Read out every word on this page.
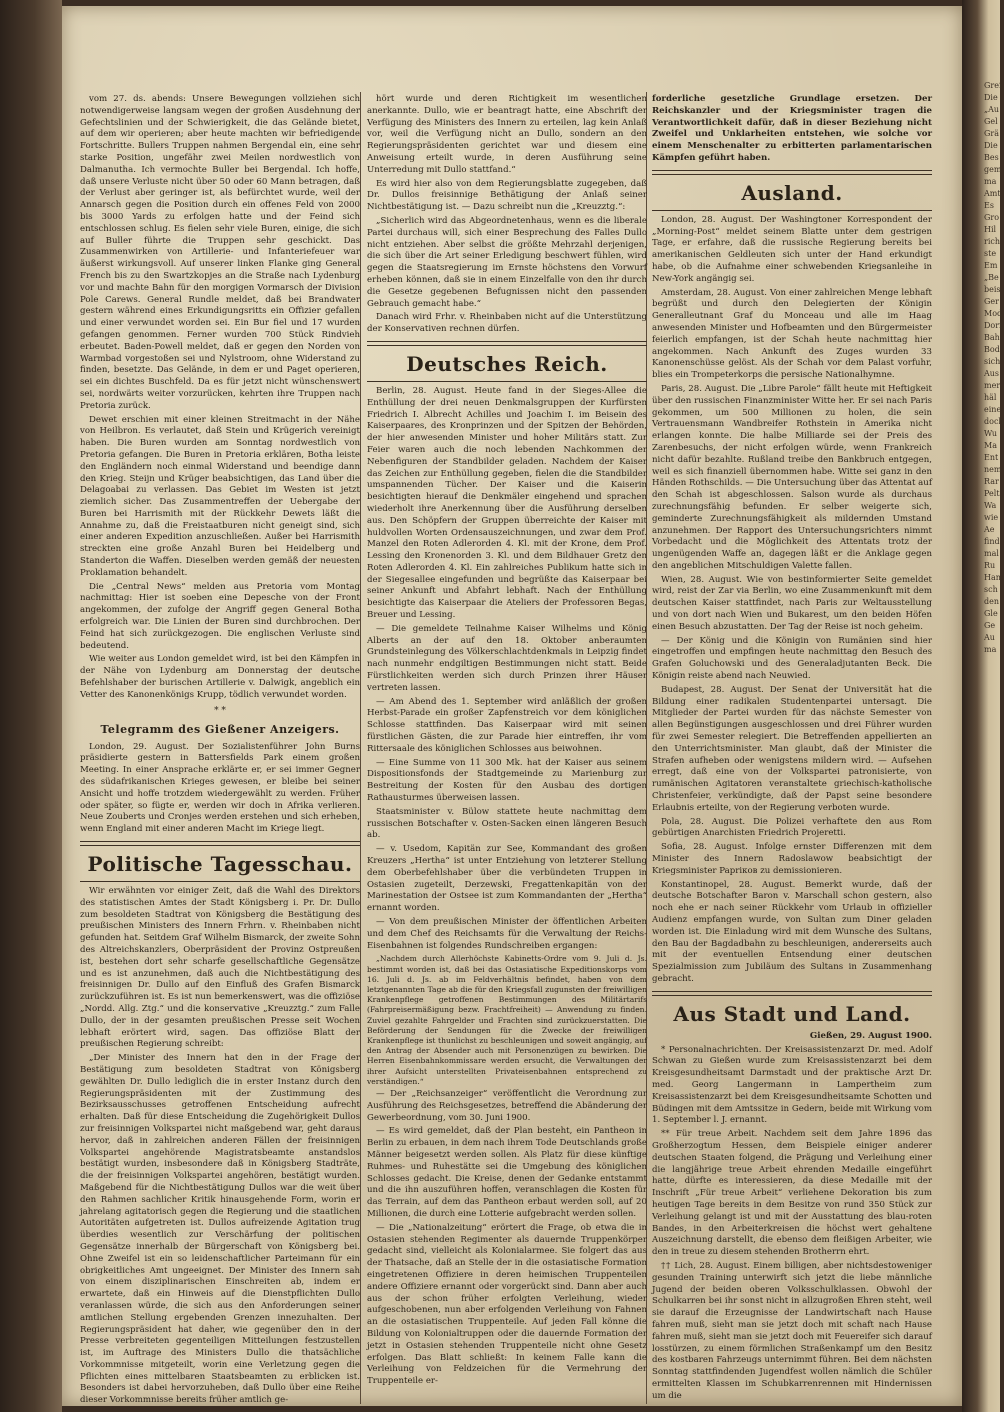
vom 27. ds. abends: Unsere Bewegungen vollziehen sich notwendigerweise langsam wegen der großen Ausdehnung der Gefechtslinien und der Schwierigkeit, die das Gelände bietet, auf dem wir operieren; aber heute machten wir befriedigende Fortschritte. Bullers Truppen nahmen Bergendal ein, eine sehr starke Position, ungefähr zwei Meilen nordwestlich von Dalmanutha. Ich vermochte Buller bei Bergendal. Ich hoffe, daß unsere Verluste nicht über 50 oder 60 Mann betragen, daß der Verlust aber geringer ist, als befürchtet wurde, weil der Annarsch gegen die Position durch ein offenes Feld von 2000 bis 3000 Yards zu erfolgen hatte und der Feind sich entschlossen schlug. Es fielen sehr viele Buren, einige, die sich auf Buller führte die Truppen sehr geschickt. Das Zusammenwirken von Artillerie- und Infanteriefeuer war äußerst wirkungsvoll. Auf unserer linken Flanke ging General French bis zu den Swartzkopjes an die Straße nach Lydenburg vor und machte Bahn für den morgigen Vormarsch der Division Pole Carews. General Rundle meldet, daß bei Brandwater gestern während eines Erkundigungsritts ein Offizier gefallen und einer verwundet worden sei. Ein Bur fiel und 17 wurden gefangen genommen. Ferner wurden 700 Stück Rindvieh erbeutet. Baden-Powell meldet, daß er gegen den Norden von Warmbad vorgestoßen sei und Nylstroom, ohne Widerstand zu finden, besetzte. Das Gelände, in dem er und Paget operieren, sei ein dichtes Buschfeld. Da es für jetzt nicht wünschenswert sei, nordwärts weiter vorzurücken, kehrten ihre Truppen nach Pretoria zurück.

Dewet erschien mit einer kleinen Streitmacht in der Nähe von Heilbron. Es verlautet, daß Stein und Krügerich vereinigt haben. Die Buren wurden am Sonntag nordwestlich von Pretoria gefangen. Die Buren in Pretoria erklären, Botha leiste den Engländern noch einmal Widerstand und beendige dann den Krieg. Steijn und Krüger beabsichtigen, das Land über die Delagoabai zu verlassen. Das Gebiet im Westen ist jetzt ziemlich sicher. Das Zusammentreffen der Uebergabe der Buren bei Harrismith mit der Rückkehr Dewets läßt die Annahme zu, daß die Freistaatburen nicht geneigt sind, sich einer anderen Expedition anzuschließen. Außer bei Harrismith streckten eine große Anzahl Buren bei Heidelberg und Standerton die Waffen. Dieselben werden gemäß der neuesten Proklamation behandelt.

Die „Central News“ melden aus Pretoria vom Montag nachmittag: Hier ist soeben eine Depesche von der Front angekommen, der zufolge der Angriff gegen General Botha erfolgreich war. Die Linien der Buren sind durchbrochen. Der Feind hat sich zurückgezogen. Die englischen Verluste sind bedeutend.

Wie weiter aus London gemeldet wird, ist bei den Kämpfen in der Nähe von Lydenburg am Donnerstag der deutsche Befehlshaber der burischen Artillerie v. Dalwigk, angeblich ein Vetter des Kanonenkönigs Krupp, tödlich verwundet worden.

* *
Telegramm des Gießener Anzeigers.

London, 29. August. Der Sozialistenführer John Burns präsidierte gestern in Battersfields Park einem großen Meeting. In einer Ansprache erklärte er, er sei immer Gegner des südafrikanischen Krieges gewesen, er bleibe bei seiner Ansicht und hoffe trotzdem wiedergewählt zu werden. Früher oder später, so fügte er, werden wir doch in Afrika verlieren. Neue Zouberts und Cronjes werden erstehen und sich erheben, wenn England mit einer anderen Macht im Kriege liegt.

Politische Tagesschau.

Wir erwähnten vor einiger Zeit, daß die Wahl des Direktors des statistischen Amtes der Stadt Königsberg i. Pr. Dr. Dullo zum besoldeten Stadtrat von Königsberg die Bestätigung des preußischen Ministers des Innern Frhrn. v. Rheinbaben nicht gefunden hat. Seitdem Graf Wilhelm Bismarck, der zweite Sohn des Altreichskanzlers, Oberpräsident der Provinz Ostpreußen ist, bestehen dort sehr scharfe gesellschaftliche Gegensätze und es ist anzunehmen, daß auch die Nichtbestätigung des freisinnigen Dr. Dullo auf den Einfluß des Grafen Bismarck zurückzuführen ist. Es ist nun bemerkenswert, was die offiziöse „Nordd. Allg. Ztg.“ und die konservative „Kreuzztg.“ zum Falle Dullo, der in der gesamten preußischen Presse seit Wochen lebhaft erörtert wird, sagen. Das offiziöse Blatt der preußischen Regierung schreibt:

„Der Minister des Innern hat den in der Frage der Bestätigung zum besoldeten Stadtrat von Königsberg gewählten Dr. Dullo lediglich die in erster Instanz durch den Regierungspräsidenten mit der Zustimmung des Bezirksausschusses getroffenen Entscheidung aufrecht erhalten. Daß für diese Entscheidung die Zugehörigkeit Dullos zur freisinnigen Volkspartei nicht maßgebend war, geht daraus hervor, daß in zahlreichen anderen Fällen der freisinnigen Volkspartei angehörende Magistratsbeamte anstandslos bestätigt wurden, insbesondere daß in Königsberg Stadträte, die der freisinnigen Volkspartei angehören, bestätigt wurden. Maßgebend für die Nichtbestätigung Dullos war die weit über den Rahmen sachlicher Kritik hinausgehende Form, worin er jahrelang agitatorisch gegen die Regierung und die staatlichen Autoritäten aufgetreten ist. Dullos aufreizende Agitation trug überdies wesentlich zur Verschärfung der politischen Gegensätze innerhalb der Bürgerschaft von Königsberg bei. Ohne Zweifel ist ein so leidenschaftlicher Parteimann für ein obrigkeitliches Amt ungeeignet. Der Minister des Innern sah von einem disziplinarischen Einschreiten ab, indem er erwartete, daß ein Hinweis auf die Dienstpflichten Dullo veranlassen würde, die sich aus den Anforderungen seiner amtlichen Stellung ergebenden Grenzen innezuhalten. Der Regierungspräsident hat daher, wie gegenüber den in der Presse verbreiteten gegenteiligen Mitteilungen festzustellen ist, im Auftrage des Ministers Dullo die thatsächliche Vorkommnisse mitgeteilt, worin eine Verletzung gegen die Pflichten eines mittelbaren Staatsbeamten zu erblicken ist. Besonders ist dabei hervorzuheben, daß Dullo über eine Reihe dieser Vorkommnisse bereits früher amtlich ge-

hört wurde und deren Richtigkeit im wesentlichen anerkannte. Dullo, wie er beantragt hatte, eine Abschrift der Verfügung des Ministers des Innern zu erteilen, lag kein Anlaß vor, weil die Verfügung nicht an Dullo, sondern an den Regierungspräsidenten gerichtet war und diesem eine Anweisung erteilt wurde, in deren Ausführung seine Unterredung mit Dullo stattfand.“

Es wird hier also von dem Regierungsblatte zugegeben, daß Dr. Dullos freisinnige Bethätigung der Anlaß seiner Nichtbestätigung ist. — Dazu schreibt nun die „Kreuzztg.“:

„Sicherlich wird das Abgeordnetenhaus, wenn es die liberale Partei durchaus will, sich einer Besprechung des Falles Dullo nicht entziehen. Aber selbst die größte Mehrzahl derjenigen, die sich über die Art seiner Erledigung beschwert fühlen, wird gegen die Staatsregierung im Ernste höchstens den Vorwurf erheben können, daß sie in einem Einzelfalle von den ihr durch die Gesetze gegebenen Befugnissen nicht den passenden Gebrauch gemacht habe.“

Danach wird Frhr. v. Rheinbaben nicht auf die Unterstützung der Konservativen rechnen dürfen.

Deutsches Reich.

Berlin, 28. August. Heute fand in der Sieges-Allee die Enthüllung der drei neuen Denkmalsgruppen der Kurfürsten Friedrich I. Albrecht Achilles und Joachim I. im Beisein des Kaiserpaares, des Kronprinzen und der Spitzen der Behörden, der hier anwesenden Minister und hoher Militärs statt. Zur Feier waren auch die noch lebenden Nachkommen der Nebenfiguren der Standbilder geladen. Nachdem der Kaiser das Zeichen zur Enthüllung gegeben, fielen die die Standbilder umspannenden Tücher. Der Kaiser und die Kaiserin besichtigten hierauf die Denkmäler eingehend und sprachen wiederholt ihre Anerkennung über die Ausführung derselben aus. Den Schöpfern der Gruppen überreichte der Kaiser mit huldvollen Worten Ordensauszeichnungen, und zwar dem Prof. Manzel den Roten Adlerorden 4. Kl. mit der Krone, dem Prof. Lessing den Kronenorden 3. Kl. und dem Bildhauer Gretz den Roten Adlerorden 4. Kl. Ein zahlreiches Publikum hatte sich in der Siegesallee eingefunden und begrüßte das Kaiserpaar bei seiner Ankunft und Abfahrt lebhaft. Nach der Enthüllung besichtigte das Kaiserpaar die Ateliers der Professoren Begas, Breuer und Lessing.

— Die gemeldete Teilnahme Kaiser Wilhelms und König Alberts an der auf den 18. Oktober anberaumten Grundsteinlegung des Völkerschlachtdenkmals in Leipzig findet nach nunmehr endgiltigen Bestimmungen nicht statt. Beide Fürstlichkeiten werden sich durch Prinzen ihrer Häuser vertreten lassen.

— Am Abend des 1. September wird anläßlich der großen Herbst-Parade ein großer Zapfenstreich vor dem königlichen Schlosse stattfinden. Das Kaiserpaar wird mit seinen fürstlichen Gästen, die zur Parade hier eintreffen, ihr vom Rittersaale des königlichen Schlosses aus beiwohnen.

— Eine Summe von 11 300 Mk. hat der Kaiser aus seinem Dispositionsfonds der Stadtgemeinde zu Marienburg zur Bestreitung der Kosten für den Ausbau des dortigen Rathausturmes überweisen lassen.

Staatsminister v. Bülow stattete heute nachmittag dem russischen Botschafter v. Osten-Sacken einen längeren Besuch ab.

— v. Usedom, Kapitän zur See, Kommandant des großen Kreuzers „Hertha“ ist unter Entziehung von letzterer Stellung dem Oberbefehlshaber über die verbündeten Truppen in Ostasien zugeteilt, Derzewski, Fregattenkapitän von der Marinestation der Ostsee ist zum Kommandanten der „Hertha“ ernannt worden.

— Von dem preußischen Minister der öffentlichen Arbeiten und dem Chef des Reichsamts für die Verwaltung der Reichs-Eisenbahnen ist folgendes Rundschreiben ergangen:

„Nachdem durch Allerhöchste Kabinetts-Ordre vom 9. Juli d. Js. bestimmt worden ist, daß bei das Ostasiatische Expeditionskorps vom 16. Juli d. Js. ab im Feldverhältnis befindet, haben von dem letztgenannten Tage ab die für den Kriegsfall zugunsten der freiwilligen Krankenpflege getroffenen Bestimmungen des Militärtarifs (Fahrpreisermäßigung bezw. Frachtfreiheit) — Anwendung zu finden. Zuviel gezahlte Fahrgelder und Frachten sind zurückzuerstatten. Die Beförderung der Sendungen für die Zwecke der freiwilligen Krankenpflege ist thunlichst zu beschleunigen und soweit angängig, auf den Antrag der Absender auch mit Personenzügen zu bewirken. Die Herren Eisenbahnkommissare werden ersucht, die Verwaltungen der ihrer Aufsicht unterstellten Privateisenbahnen entsprechend zu verständigen.“

— Der „Reichsanzeiger“ veröffentlicht die Verordnung zur Ausführung des Reichsgesetzes, betreffend die Abänderung der Gewerbeordnung, vom 30. Juni 1900.

— Es wird gemeldet, daß der Plan besteht, ein Pantheon in Berlin zu erbauen, in dem nach ihrem Tode Deutschlands große Männer beigesetzt werden sollen. Als Platz für diese künftige Ruhmes- und Ruhestätte sei die Umgebung des königlichen Schlosses gedacht. Die Kreise, denen der Gedanke entstammt und die ihn auszuführen hoffen, veranschlagen die Kosten für das Terrain, auf dem das Pantheon erbaut werden soll, auf 20 Millionen, die durch eine Lotterie aufgebracht werden sollen.

— Die „Nationalzeitung“ erörtert die Frage, ob etwa die in Ostasien stehenden Regimenter als dauernde Truppenkörper gedacht sind, vielleicht als Kolonialarmee. Sie folgert das aus der Thatsache, daß an Stelle der in die ostasiatische Formation eingetretenen Offiziere in deren heimischen Truppenteilen andere Offiziere ernannt oder vorgerückt sind. Dann aber auch aus der schon früher erfolgten Verleihung, wieder aufgeschobenen, nun aber erfolgenden Verleihung von Fahnen an die ostasiatischen Truppenteile. Auf jeden Fall könne die Bildung von Kolonialtruppen oder die dauernde Formation der jetzt in Ostasien stehenden Truppenteile nicht ohne Gesetz erfolgen. Das Blatt schließt: In keinem Falle kann die Verleihung von Feldzeichen für die Vermehrung der Truppenteile er-

forderliche gesetzliche Grundlage ersetzen. Der Reichskanzler und der Kriegsminister tragen die Verantwortlichkeit dafür, daß in dieser Beziehung nicht Zweifel und Unklarheiten entstehen, wie solche vor einem Menschenalter zu erbitterten parlamentarischen Kämpfen geführt haben.

Ausland.

London, 28. August. Der Washingtoner Korrespondent der „Morning-Post“ meldet seinem Blatte unter dem gestrigen Tage, er erfahre, daß die russische Regierung bereits bei amerikanischen Geldleuten sich unter der Hand erkundigt habe, ob die Aufnahme einer schwebenden Kriegsanleihe in New-York angängig sei.

Amsterdam, 28. August. Von einer zahlreichen Menge lebhaft begrüßt und durch den Delegierten der Königin Generalleutnant Graf du Monceau und alle im Haag anwesenden Minister und Hofbeamten und den Bürgermeister feierlich empfangen, ist der Schah heute nachmittag hier angekommen. Nach Ankunft des Zuges wurden 33 Kanonenschüsse gelöst. Als der Schah vor dem Palast vorfuhr, blies ein Trompeterkorps die persische Nationalhymne.

Paris, 28. August. Die „Libre Parole“ fällt heute mit Heftigkeit über den russischen Finanzminister Witte her. Er sei nach Paris gekommen, um 500 Millionen zu holen, die sein Vertrauensmann Wandbreifer Rothstein in Amerika nicht erlangen konnte. Die halbe Milliarde sei der Preis des Zarenbesuchs, der nicht erfolgen würde, wenn Frankreich nicht dafür bezahlte. Rußland treibe den Bankbruch entgegen, weil es sich finanziell übernommen habe. Witte sei ganz in den Händen Rothschilds. — Die Untersuchung über das Attentat auf den Schah ist abgeschlossen. Salson wurde als durchaus zurechnungsfähig befunden. Er selber weigerte sich, geminderte Zurechnungsfähigkeit als mildernden Umstand anzunehmen. Der Rapport des Untersuchungsrichters nimmt Vorbedacht und die Möglichkeit des Attentats trotz der ungenügenden Waffe an, dagegen läßt er die Anklage gegen den angeblichen Mitschuldigen Valette fallen.

Wien, 28. August. Wie von bestinformierter Seite gemeldet wird, reist der Zar via Berlin, wo eine Zusammenkunft mit dem deutschen Kaiser stattfindet, nach Paris zur Weltausstellung und von dort nach Wien und Bukarest, um den beiden Höfen einen Besuch abzustatten. Der Tag der Reise ist noch geheim.

— Der König und die Königin von Rumänien sind hier eingetroffen und empfingen heute nachmittag den Besuch des Grafen Goluchowski und des Generaladjutanten Beck. Die Königin reiste abend nach Neuwied.

Budapest, 28. August. Der Senat der Universität hat die Bildung einer radikalen Studentenpartei untersagt. Die Mitglieder der Partei wurden für das nächste Semester von allen Begünstigungen ausgeschlossen und drei Führer wurden für zwei Semester relegiert. Die Betreffenden appellierten an den Unterrichtsminister. Man glaubt, daß der Minister die Strafen aufheben oder wenigstens mildern wird. — Aufsehen erregt, daß eine von der Volkspartei patronisierte, von rumänischen Agitatoren veranstaltete griechisch-katholische Christenfeier, verkündigte, daß der Papst seine besondere Erlaubnis erteilte, von der Regierung verboten wurde.

Pola, 28. August. Die Polizei verhaftete den aus Rom gebürtigen Anarchisten Friedrich Projeretti.

Sofia, 28. August. Infolge ernster Differenzen mit dem Minister des Innern Radoslawow beabsichtigt der Kriegsminister Papriков zu demissionieren.

Konstantinopel, 28. August. Bemerkt wurde, daß der deutsche Botschafter Baron v. Marschall schon gestern, also noch ehe er nach seiner Rückkehr vom Urlaub in offizieller Audienz empfangen wurde, von Sultan zum Diner geladen worden ist. Die Einladung wird mit dem Wunsche des Sultans, den Bau der Bagdadbahn zu beschleunigen, andererseits auch mit der eventuellen Entsendung einer deutschen Spezialmission zum Jubiläum des Sultans in Zusammenhang gebracht.

Aus Stadt und Land.
Gießen, 29. August 1900.

* Personalnachrichten. Der Kreisassistenzarzt Dr. med. Adolf Schwan zu Gießen wurde zum Kreisassistenzarzt bei dem Kreisgesundheitsamt Darmstadt und der praktische Arzt Dr. med. Georg Langermann in Lampertheim zum Kreisassistenzarzt bei dem Kreisgesundheitsamte Schotten und Büdingen mit dem Amtssitze in Gedern, beide mit Wirkung vom 1. September l. J. ernannt.

** Für treue Arbeit. Nachdem seit dem Jahre 1896 das Großherzogtum Hessen, dem Beispiele einiger anderer deutschen Staaten folgend, die Prägung und Verleihung einer die langjährige treue Arbeit ehrenden Medaille eingeführt hatte, dürfte es interessieren, da diese Medaille mit der Inschrift „Für treue Arbeit“ verliehene Dekoration bis zum heutigen Tage bereits in dem Besitze von rund 350 Stück zur Verleihung gelangt ist und mit der Ausstattung des blau-roten Bandes, in den Arbeiterkreisen die höchst wert gehaltene Auszeichnung darstellt, die ebenso dem fleißigen Arbeiter, wie den in treue zu diesem stehenden Brotherrn ehrt.

†† Lich, 28. August. Einem billigen, aber nichtsdestoweniger gesunden Training unterwirft sich jetzt die liebe männliche Jugend der beiden oberen Volksschulklassen. Obwohl der Schulkarren bei ihr sonst nicht in allzugroßen Ehren steht, weil sie darauf die Erzeugnisse der Landwirtschaft nach Hause fahren muß, sieht man sie jetzt doch mit schaft nach Hause fahren muß, sieht man sie jetzt doch mit Feuereifer sich darauf losstürzen, zu einem förmlichen Straßenkampf um den Besitz des kostbaren Fahrzeugs unternimmt führen. Bei dem nächsten Sonntag stattfindenden Jugendfest wollen nämlich die Schüler ermittelten Klassen im Schubkarrenrennen mit Hindernissen um die

Grei
Die
„Au
Gel
Grä
Die
Bes
gem
ma
Amt
Es
Gro
Hil
rich
ste
Em
„Be
beis
Ger
Mod
Dorf
Bah
Bod
sich
Aus
mer
häl
eine
doch
Wu
Ma
Ent
nem
Rar
Pelt
Wa
wie
Ae
find
mal
Ru
Han
sch
den
Gle
Ge
Au
ma
